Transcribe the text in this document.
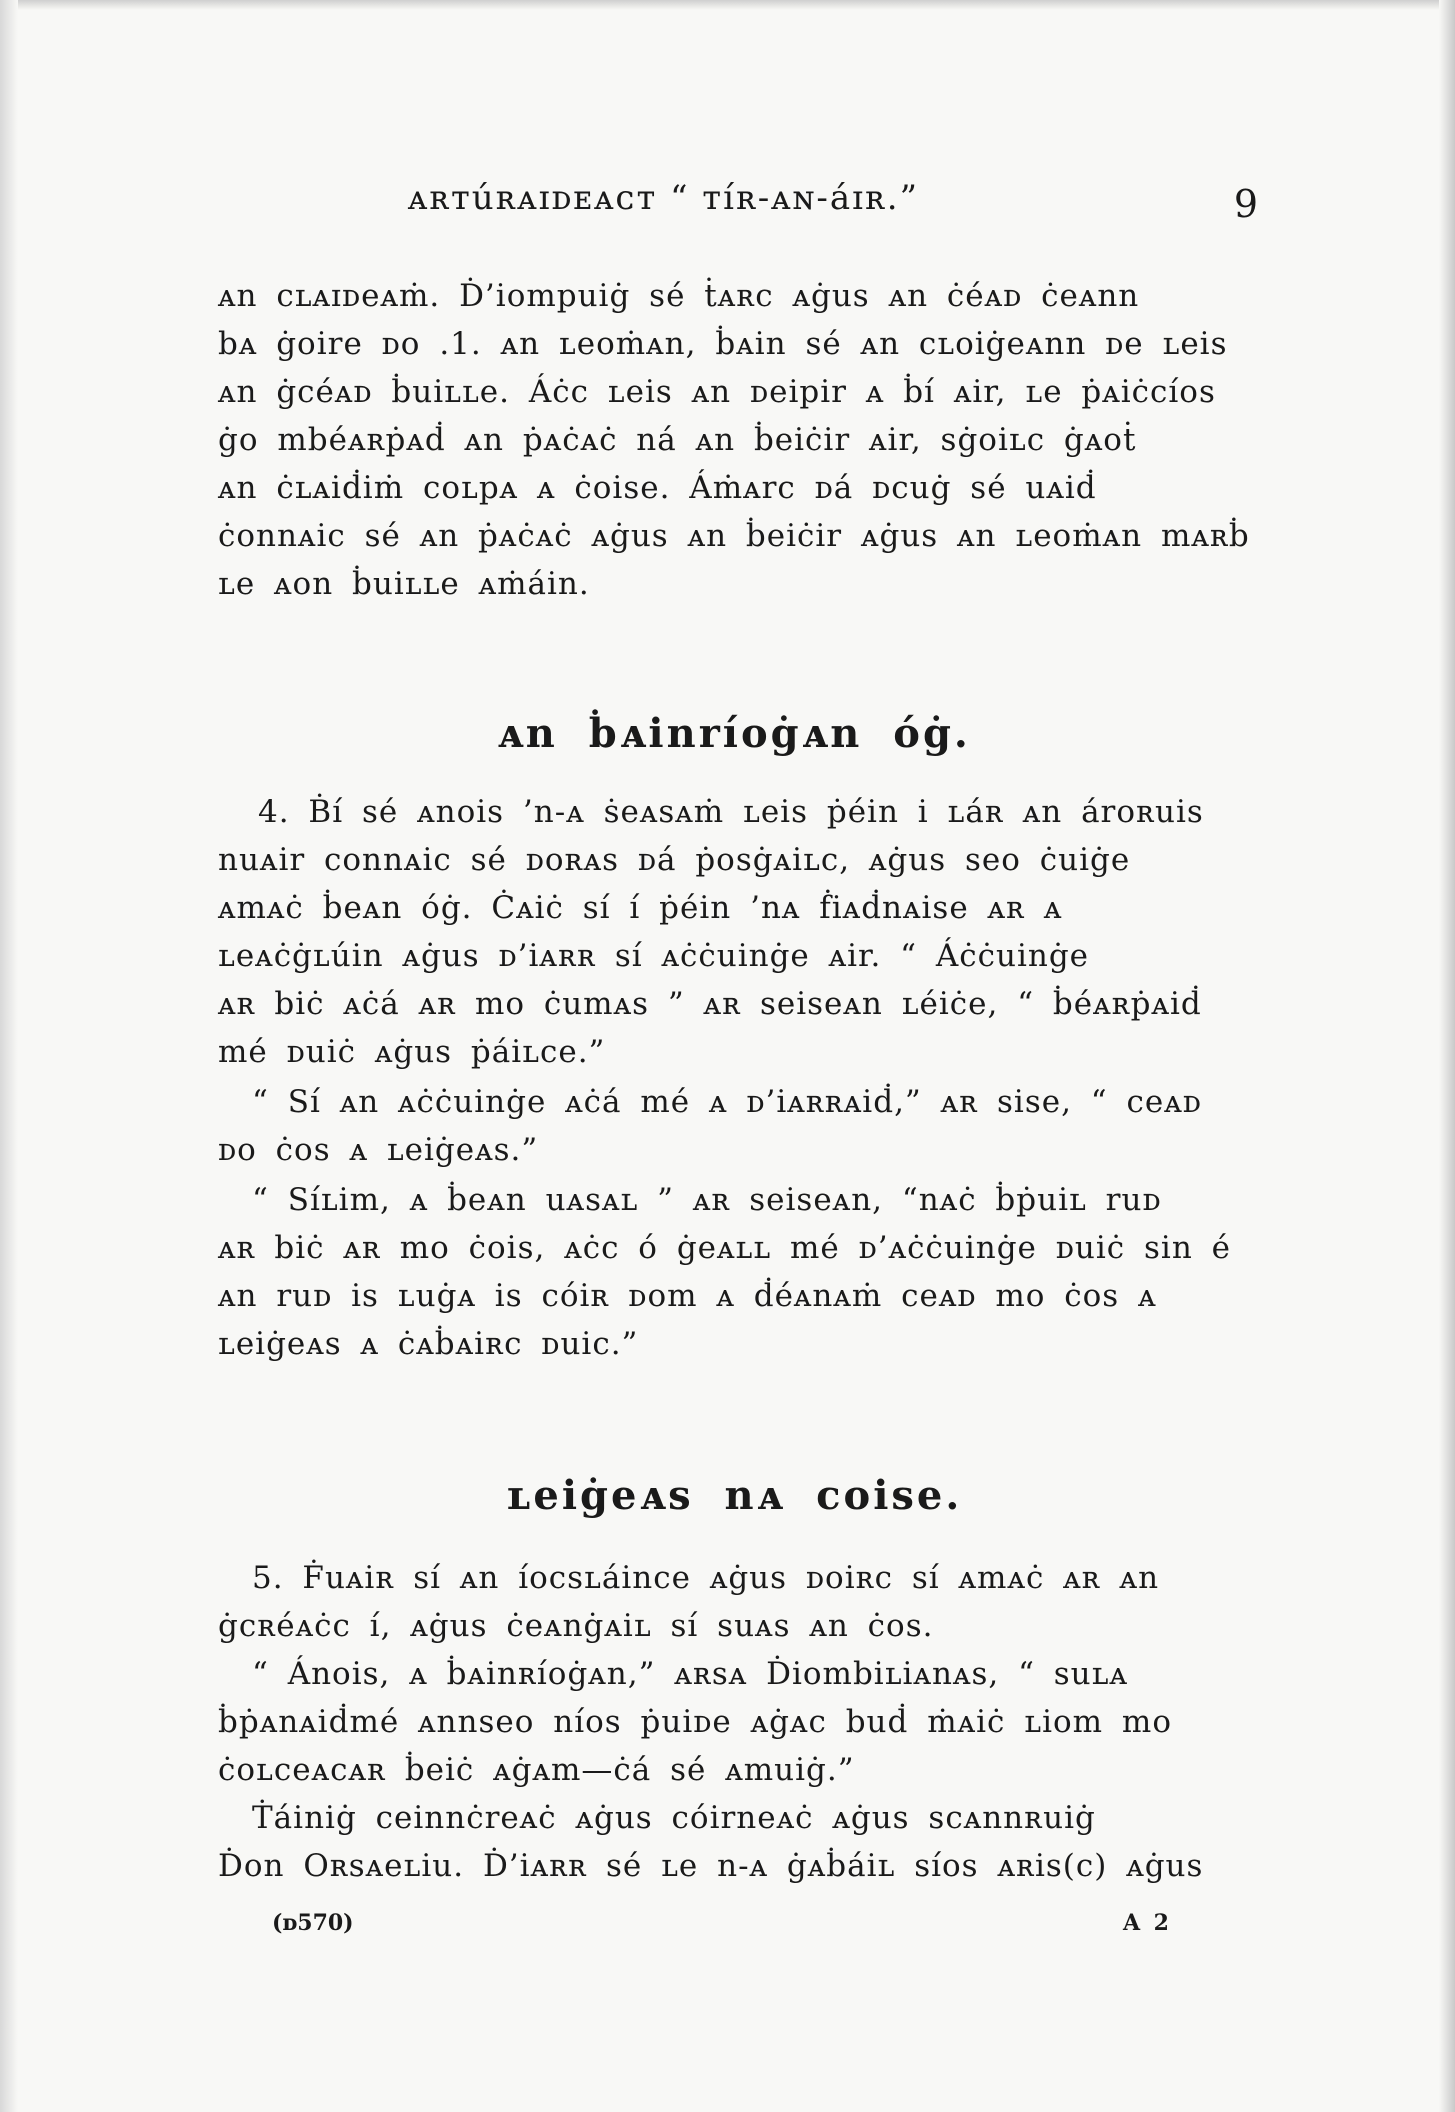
ᴀʀᴛúʀᴀɪᴅᴇᴀᴄᴛ “ ᴛíʀ-ᴀɴ-áɪʀ.”	9
ᴀn cʟᴀɪᴅeᴀṁ. Ḋ’iompuiġ sé ṫᴀʀc ᴀġus ᴀn ċéᴀᴅ ċeᴀnn
bᴀ ġoire ᴅo .1. ᴀn ʟeoṁᴀn, ḃᴀin sé ᴀn cʟoiġeᴀnn ᴅe ʟeis
ᴀn ġcéᴀᴅ ḃuiʟʟe. Áċc ʟeis ᴀn ᴅeipir ᴀ ḃí ᴀir, ʟe ṗᴀiċcíos
ġo mbéᴀʀṗᴀḋ ᴀn ṗᴀċᴀċ ná ᴀn ḃeiċir ᴀir, sġoiʟc ġᴀoṫ
ᴀn ċʟᴀiḋiṁ coʟpᴀ ᴀ ċoise. Áṁᴀrc ᴅá ᴅcuġ sé uᴀiḋ
ċonnᴀic sé ᴀn ṗᴀċᴀċ ᴀġus ᴀn ḃeiċir ᴀġus ᴀn ʟeoṁᴀn mᴀʀḃ
ʟe ᴀon ḃuiʟʟe ᴀṁáin.
ᴀn ḃᴀinríoġᴀn óġ.
4. Ḃí sé ᴀnois ’n-ᴀ ṡeᴀsᴀṁ ʟeis ṗéin i ʟáʀ ᴀn ároʀuis
nuᴀir connᴀic sé ᴅoʀᴀs ᴅá ṗosġᴀiʟc, ᴀġus seo ċuiġe
ᴀmᴀċ ḃeᴀn óġ. Ċᴀiċ sí í ṗéin ’nᴀ ḟiᴀḋnᴀise ᴀʀ ᴀ
ʟeᴀċġʟúin ᴀġus ᴅ’iᴀʀʀ sí ᴀċċuinġe ᴀir. “ Áċċuinġe
ᴀʀ biċ ᴀċá ᴀʀ mo ċumᴀs ” ᴀʀ seiseᴀn ʟéiċe, “ ḃéᴀʀṗᴀiḋ
mé ᴅuiċ ᴀġus ṗáiʟce.”
“ Sí ᴀn ᴀċċuinġe ᴀċá mé ᴀ ᴅ’iᴀʀʀᴀiḋ,” ᴀʀ sise, “ ceᴀᴅ
ᴅo ċos ᴀ ʟeiġeᴀs.”
“ Síʟim, ᴀ ḃeᴀn uᴀsᴀʟ ” ᴀʀ seiseᴀn, “nᴀċ ḃṗuiʟ ruᴅ
ᴀʀ biċ ᴀʀ mo ċois, ᴀċc ó ġeᴀʟʟ mé ᴅ’ᴀċċuinġe ᴅuiċ sin é
ᴀn ruᴅ is ʟuġᴀ is cóiʀ ᴅom ᴀ ḋéᴀnᴀṁ ceᴀᴅ mo ċos ᴀ
ʟeiġeᴀs ᴀ ċᴀḃᴀiʀc ᴅuic.”
ʟeiġeᴀs nᴀ coise.
5. Ḟuᴀiʀ sí ᴀn íocsʟáince ᴀġus ᴅoiʀc sí ᴀmᴀċ ᴀʀ ᴀn
ġcʀéᴀċc í, ᴀġus ċeᴀnġᴀiʟ sí suᴀs ᴀn ċos.
“ Ánois, ᴀ ḃᴀinʀíoġᴀn,” ᴀʀsᴀ Ḋiombiʟiᴀnᴀs, “ suʟᴀ
ḃṗᴀnᴀiḋmé ᴀnnseo níos ṗuiᴅe ᴀġᴀc buḋ ṁᴀiċ ʟiom mo
ċoʟceᴀcᴀʀ ḃeiċ ᴀġᴀm—ċá sé ᴀmuiġ.”
Ṫáiniġ ceinnċreᴀċ ᴀġus cóirneᴀċ ᴀġus scᴀnnʀuiġ
Ḋon Oʀsᴀeʟiu. Ḋ’iᴀʀʀ sé ʟe n-ᴀ ġᴀḃáiʟ síos ᴀʀis(c) ᴀġus
(ᴅ570)	A 2
